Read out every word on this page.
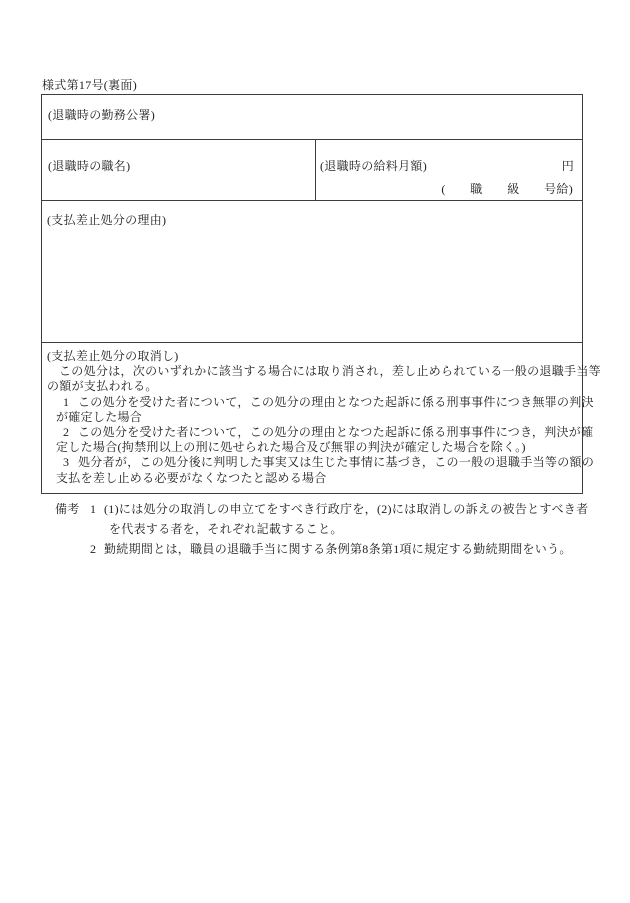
様式第17号(裏面)
(退職時の勤務公署)
(退職時の職名)	(退職時の給料月額)	円
(　　職　　級　　号給)
(支払差止処分の理由)
(支払差止処分の取消し)
この処分は，次のいずれかに該当する場合には取り消され，差し止められている一般の退職手当等
の額が支払われる。
1 この処分を受けた者について，この処分の理由となつた起訴に係る刑事事件につき無罪の判決
が確定した場合
2 この処分を受けた者について，この処分の理由となつた起訴に係る刑事事件につき，判決が確
定した場合(拘禁刑以上の刑に処せられた場合及び無罪の判決が確定した場合を除く。)
3 処分者が，この処分後に判明した事実又は生じた事情に基づき，この一般の退職手当等の額の
支払を差し止める必要がなくなつたと認める場合
備考 1 (1)には処分の取消しの申立てをすべき行政庁を，(2)には取消しの訴えの被告とすべき者
を代表する者を，それぞれ記載すること。
2 勤続期間とは，職員の退職手当に関する条例第8条第1項に規定する勤続期間をいう。
